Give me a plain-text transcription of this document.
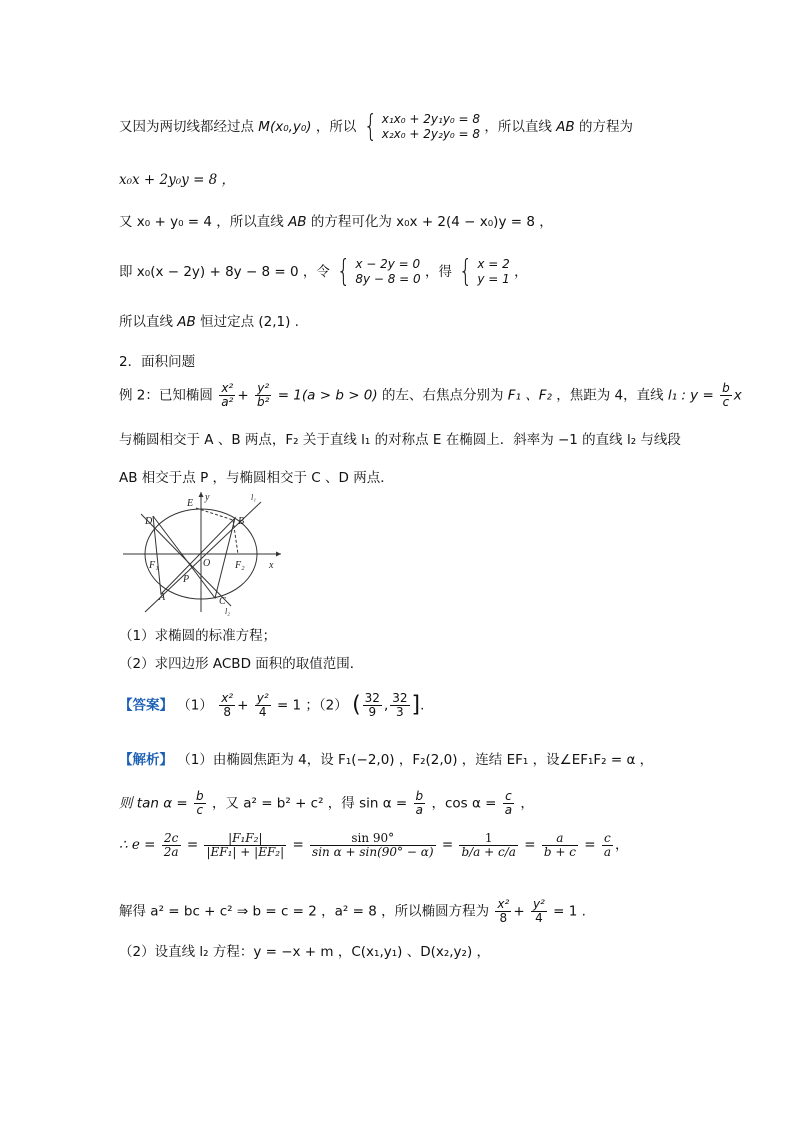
又因为两切线都经过点 M(x₀,y₀) ，所以 { x₁x₀ + 2y₁y₀ = 8
x₂x₀ + 2y₂y₀ = 8 ，所以直线 AB 的方程为
x₀x + 2y₀y = 8 ，
又 x₀ + y₀ = 4 ，所以直线 AB 的方程可化为 x₀x + 2(4 − x₀)y = 8 ，
即 x₀(x − 2y) + 8y − 8 = 0 ，令 { x − 2y = 0
8y − 8 = 0 ，得 { x = 2
y = 1 ，
所以直线 AB 恒过定点 (2,1) .
2．面积问题
例 2：已知椭圆 $\frac{\text{x²}}{\text{a²}} + \frac{\text{y²}}{\text{b²}} = 1(a > b > 0)$ 的左、右焦点分别为 F₁ 、F₂ ，焦距为 4，直线 l₁ : $y = \frac{b}{c}$ x
与椭圆相交于 A 、B 两点，F₂ 关于直线 l₁ 的对称点 E 在椭圆上．斜率为 −1 的直线 l₂ 与线段
AB 相交于点 P ，与椭圆相交于 C 、D 两点．
D
E
y	l₁
B
F₁	O F₂ x
P
A	C
l₂
（1）求椭圆的标准方程；
（2）求四边形 ACBD 面积的取值范围．
【答案】 $(1) \frac{\text{x²}}{8} + \frac{\text{y²}}{4} = 1$ ；（2） ( $\frac{32}{9}$ , $\frac{32}{3}$ ].
【解析】 （1）由椭圆焦距为 4，设 F₁(−2,0) ，F₂(2,0) ，连结 EF₁ ，设∠EF₁F₂ = α ，
则 $\tan \alpha = \frac{b}{c}$ ，又 a² = b² + c² ，得 $\sin \alpha = \frac{b}{a}$ ，$\cos \alpha = \frac{c}{a}$ ，
∴ $e = \frac{2c}{2a} = \frac{\text{|F₁F₂|}}{\text{|EF₁| + |EF₂|}} = \frac{\sin 90^\circ}{\text{sin α + sin(90° − α)}} = \frac{1}{b/a + c/a} = \frac{a}{b + c} = \frac{c}{a}$ ，
解得 a² = bc + c² ⇒ b = c = 2 ，a² = 8 ，所以椭圆方程为 $\frac{\text{x²}}{8} + \frac{\text{y²}}{4} = 1$ .
（2）设直线 l₂ 方程：y = −x + m ，C(x₁,y₁) 、D(x₂,y₂) ，
